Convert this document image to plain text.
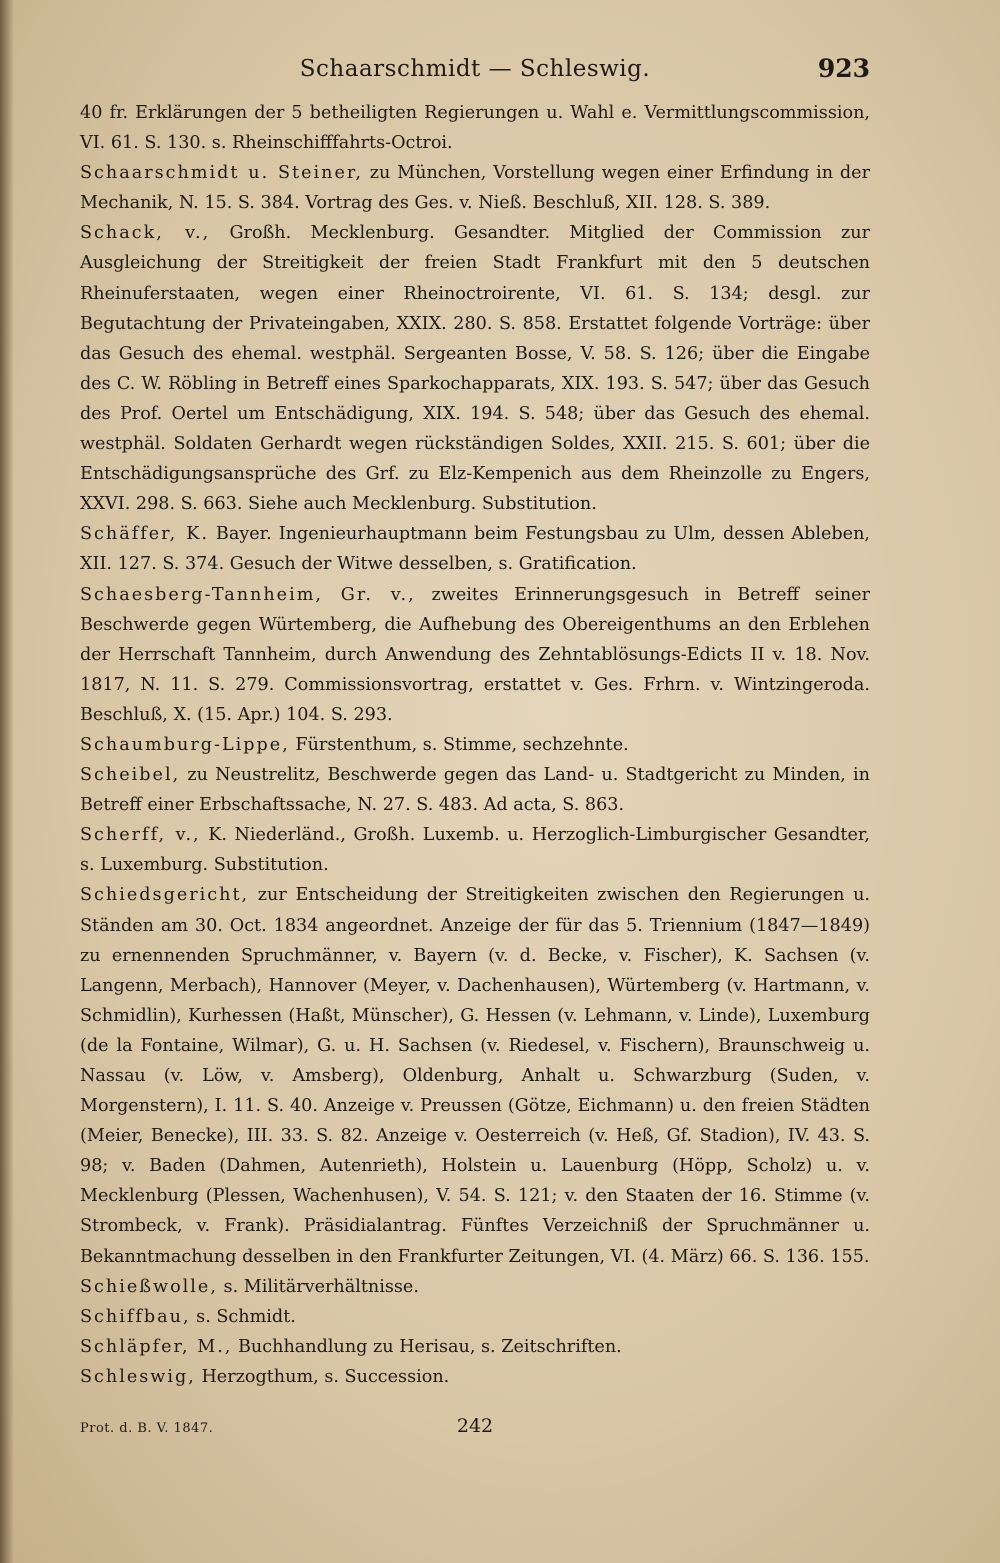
Schaarschmidt — Schleswig.	923

40 fr. Erklärungen der 5 betheiligten Regierungen u. Wahl e. Vermittlungscommission, VI. 61. S. 130. s. Rheinschifffahrts-Octroi.

Schaarschmidt u. Steiner, zu München, Vorstellung wegen einer Erfindung in der Mechanik, N. 15. S. 384. Vortrag des Ges. v. Nieß. Beschluß, XII. 128. S. 389.

Schack, v., Großh. Mecklenburg. Gesandter. Mitglied der Commission zur Ausgleichung der Streitigkeit der freien Stadt Frankfurt mit den 5 deutschen Rheinuferstaaten, wegen einer Rheinoctroirente, VI. 61. S. 134; desgl. zur Begutachtung der Privateingaben, XXIX. 280. S. 858. Erstattet folgende Vorträge: über das Gesuch des ehemal. westphäl. Sergeanten Bosse, V. 58. S. 126; über die Eingabe des C. W. Röbling in Betreff eines Sparkochapparats, XIX. 193. S. 547; über das Gesuch des Prof. Oertel um Entschädigung, XIX. 194. S. 548; über das Gesuch des ehemal. westphäl. Soldaten Gerhardt wegen rückständigen Soldes, XXII. 215. S. 601; über die Entschädigungsansprüche des Grf. zu Elz-Kempenich aus dem Rheinzolle zu Engers, XXVI. 298. S. 663. Siehe auch Mecklenburg. Substitution.

Schäffer, K. Bayer. Ingenieurhauptmann beim Festungsbau zu Ulm, dessen Ableben, XII. 127. S. 374. Gesuch der Witwe desselben, s. Gratification.

Schaesberg-Tannheim, Gr. v., zweites Erinnerungsgesuch in Betreff seiner Beschwerde gegen Würtemberg, die Aufhebung des Obereigenthums an den Erblehen der Herrschaft Tannheim, durch Anwendung des Zehntablösungs-Edicts II v. 18. Nov. 1817, N. 11. S. 279. Commissionsvortrag, erstattet v. Ges. Frhrn. v. Wintzingeroda. Beschluß, X. (15. Apr.) 104. S. 293.

Schaumburg-Lippe, Fürstenthum, s. Stimme, sechzehnte.

Scheibel, zu Neustrelitz, Beschwerde gegen das Land- u. Stadtgericht zu Minden, in Betreff einer Erbschaftssache, N. 27. S. 483. Ad acta, S. 863.

Scherff, v., K. Niederländ., Großh. Luxemb. u. Herzoglich-Limburgischer Gesandter, s. Luxemburg. Substitution.

Schiedsgericht, zur Entscheidung der Streitigkeiten zwischen den Regierungen u. Ständen am 30. Oct. 1834 angeordnet. Anzeige der für das 5. Triennium (1847—1849) zu ernennenden Spruchmänner, v. Bayern (v. d. Becke, v. Fischer), K. Sachsen (v. Langenn, Merbach), Hannover (Meyer, v. Dachenhausen), Würtemberg (v. Hartmann, v. Schmidlin), Kurhessen (Haßt, Münscher), G. Hessen (v. Lehmann, v. Linde), Luxemburg (de la Fontaine, Wilmar), G. u. H. Sachsen (v. Riedesel, v. Fischern), Braunschweig u. Nassau (v. Löw, v. Amsberg), Oldenburg, Anhalt u. Schwarzburg (Suden, v. Morgenstern), I. 11. S. 40. Anzeige v. Preussen (Götze, Eichmann) u. den freien Städten (Meier, Benecke), III. 33. S. 82. Anzeige v. Oesterreich (v. Heß, Gf. Stadion), IV. 43. S. 98; v. Baden (Dahmen, Autenrieth), Holstein u. Lauenburg (Höpp, Scholz) u. v. Mecklenburg (Plessen, Wachenhusen), V. 54. S. 121; v. den Staaten der 16. Stimme (v. Strombeck, v. Frank). Präsidialantrag. Fünftes Verzeichniß der Spruchmänner u. Bekanntmachung desselben in den Frankfurter Zeitungen, VI. (4. März) 66. S. 136. 155.

Schießwolle, s. Militärverhältnisse.

Schiffbau, s. Schmidt.

Schläpfer, M., Buchhandlung zu Herisau, s. Zeitschriften.

Schleswig, Herzogthum, s. Succession.

Prot. d. B. V. 1847.	242
